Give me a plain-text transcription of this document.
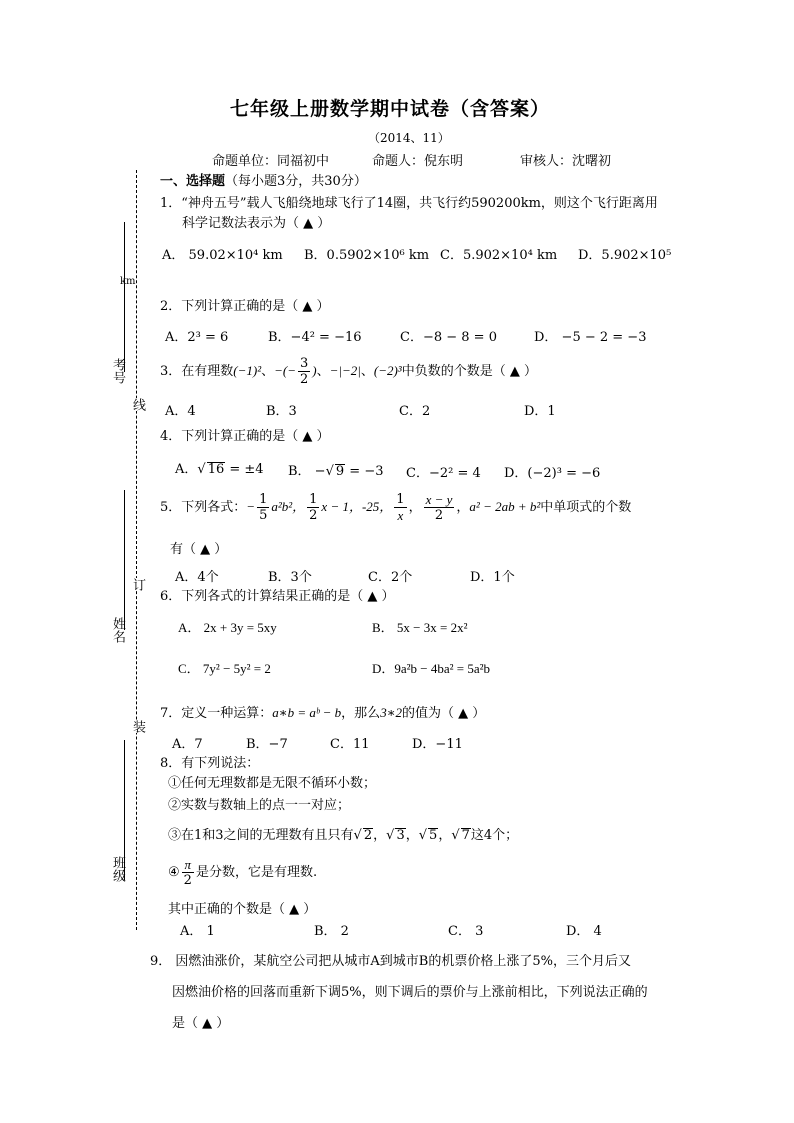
考号
姓名
班级
线
订
装
km
七年级上册数学期中试卷（含答案）
（2014、11）
命题单位：同福初中	命题人：倪东明	审核人：沈曙初
一、选择题（每小题3分，共30分）
1．“神舟五号”载人飞船绕地球飞行了14圈，共飞行约590200km，则这个飞行距离用
科学记数法表示为（ ▲ ）
A． 59.02×10⁴ km B．0.5902×10⁶ km C．5.902×10⁴ km D．5.902×10⁵
2．下列计算正确的是（ ▲ ）
A．2³ = 6	B．−4² = −16	C．−8 − 8 = 0	D． −5 − 2 = −3
3．在有理数(−1)²、−(− $\frac{3}{2}$ )、−|−2|、(−2)³中负数的个数是（ ▲ ）
A．4	B．3	C．2	D．1
4．下列计算正确的是（ ▲ ）
A．√ 16 = ±4 B． −√ 9 = −3 C．−2² = 4 D．(−2)³ = −6
5．下列各式：− $\frac{1}{5} a^2b^2$， $\frac{1}{2}$ x − 1，-25， $\frac{1}{x}$ ， $\frac{x - y}{2}$ ，a² − 2ab + b²中单项式的个数
有（ ▲ ）
A．4个	B．3个	C．2个	D．1个
6．下列各式的计算结果正确的是（ ▲ ）
A． 2x + 3y = 5xy	B． 5x − 3x = 2x²
C． 7y² − 5y² = 2	D．9a²b − 4ba² = 5a²b
7．定义一种运算：a∗b = aᵇ − b，那么3∗2的值为（ ▲ ）
A．7	B．−7	C．11	D．−11
8．有下列说法：
①任何无理数都是无限不循环小数；
②实数与数轴上的点一一对应；
③在1和3之间的无理数有且只有√ 2，√ 3，√ 5，√ 7这4个；
④ $\frac{\pi}{2}$ 是分数，它是有理数.
其中正确的个数是（ ▲ ）
A． 1	B． 2	C． 3	D． 4
9． 因燃油涨价，某航空公司把从城市A到城市B的机票价格上涨了5%，三个月后又
因燃油价格的回落而重新下调5%，则下调后的票价与上涨前相比，下列说法正确的
是（ ▲ ）
